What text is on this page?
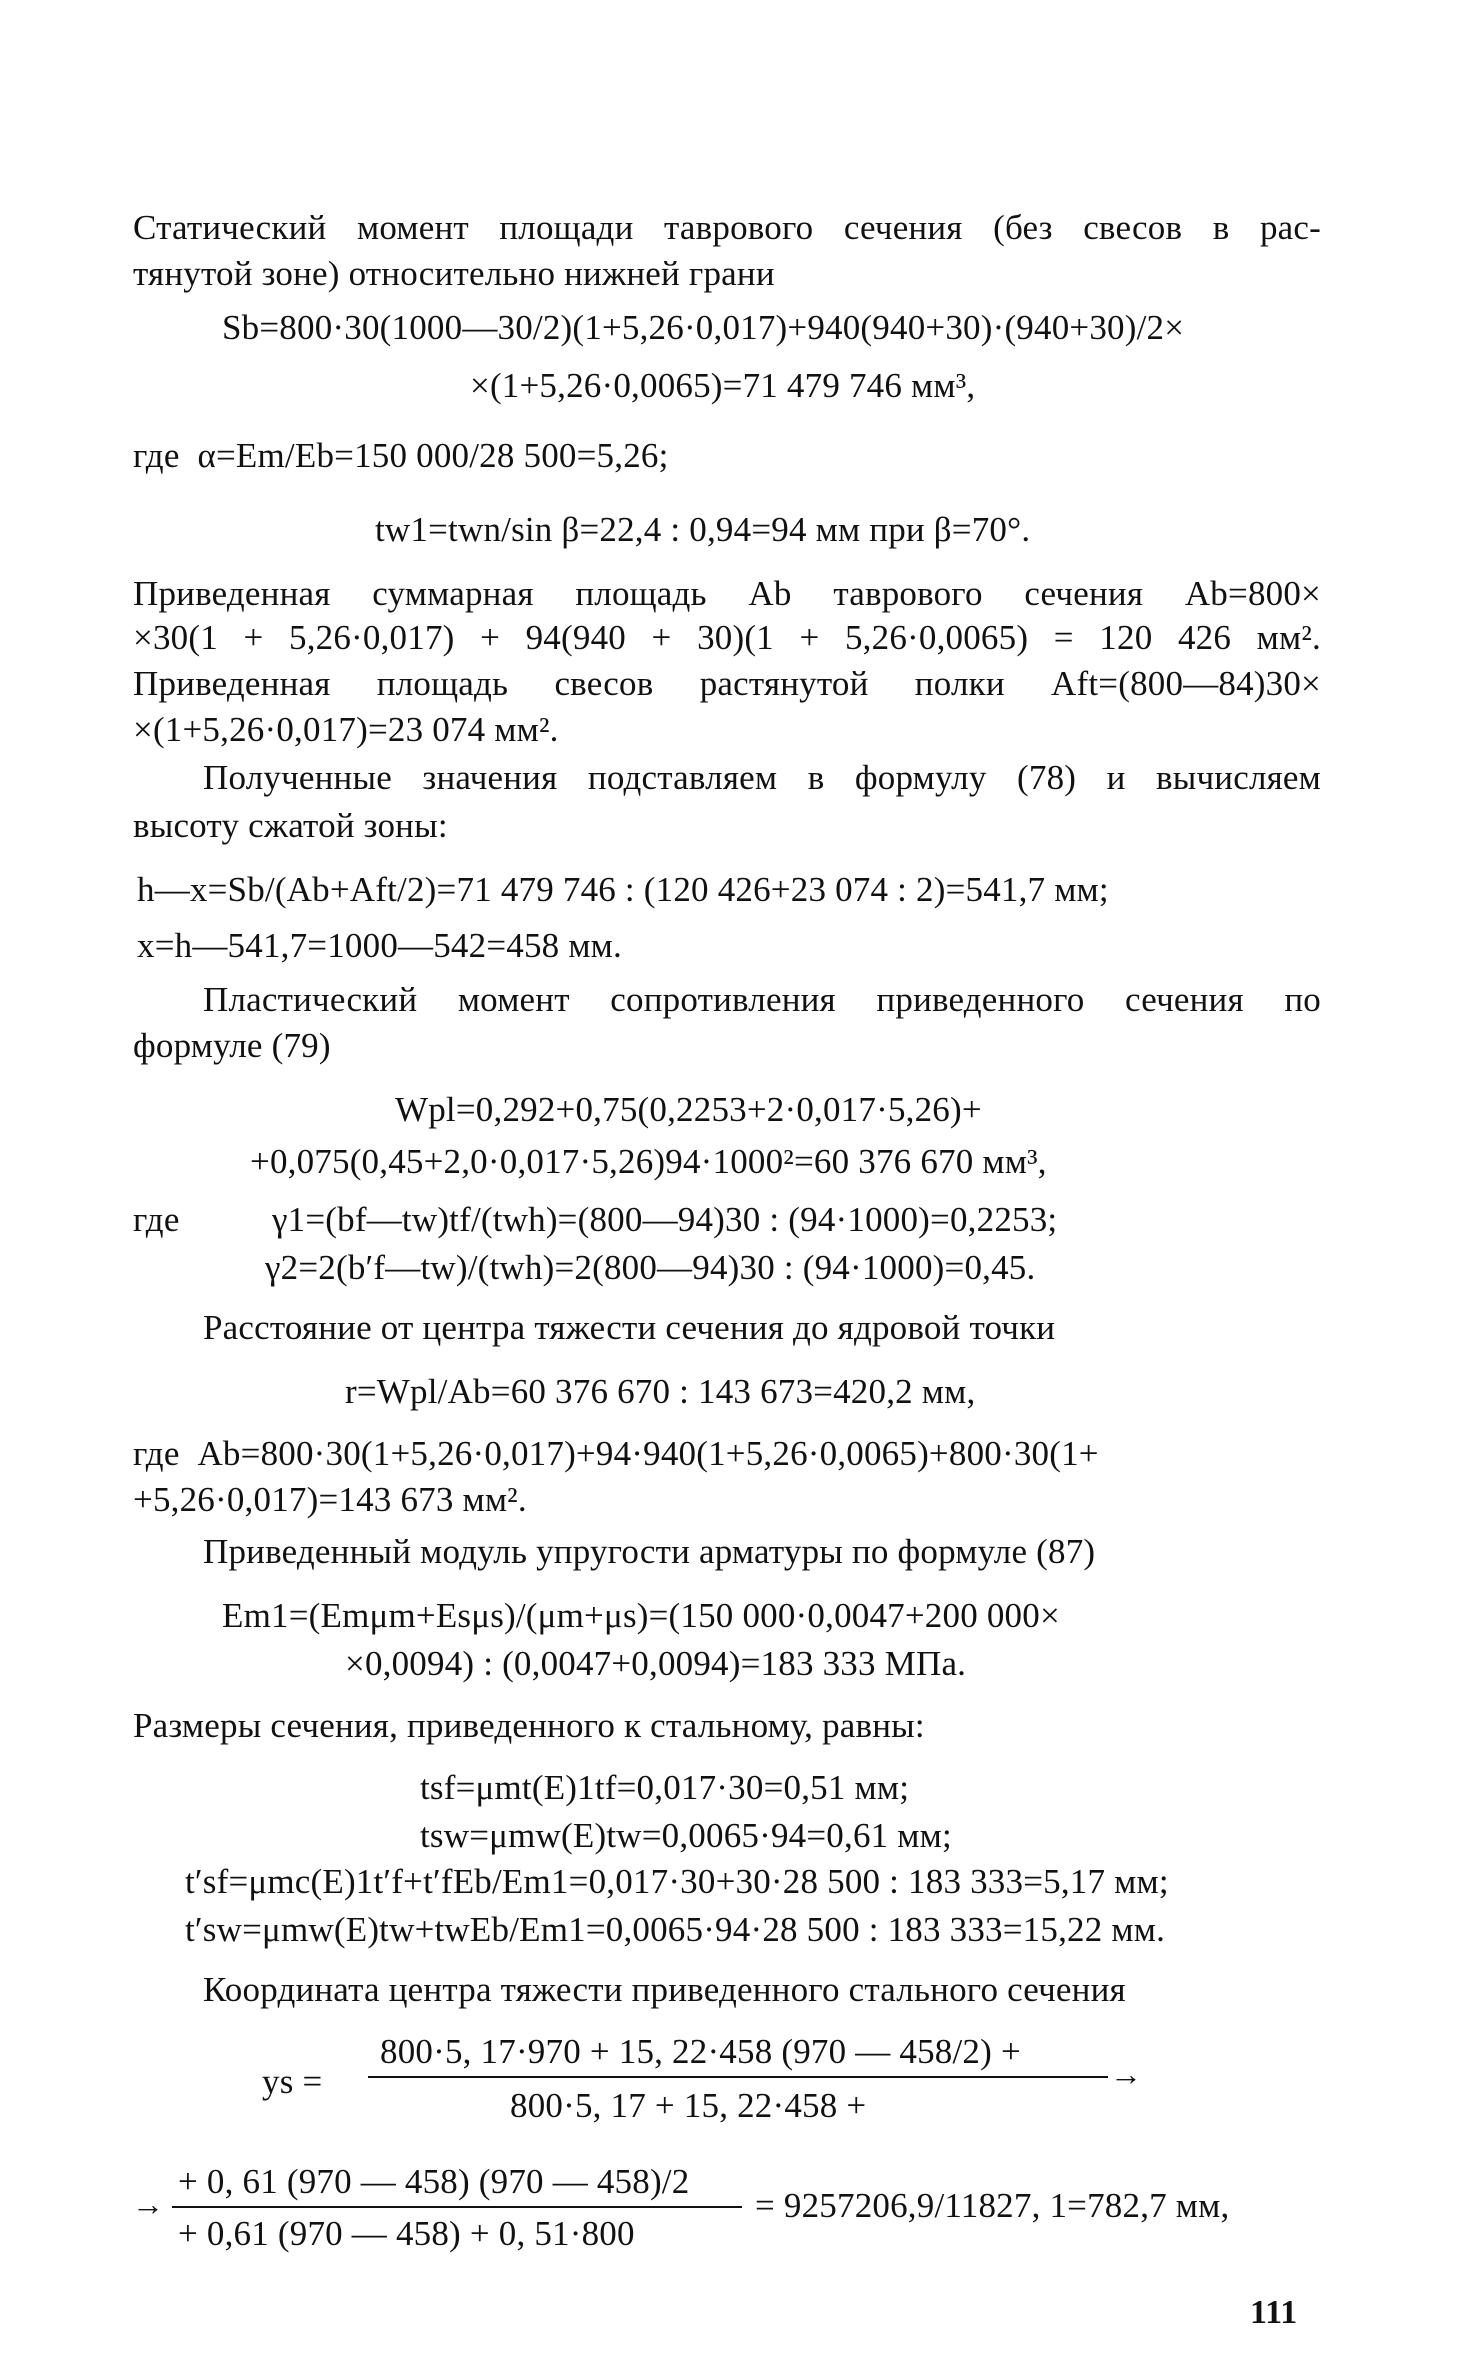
Статический момент площади таврового сечения (без свесов в рас-
тянутой зоне) относительно нижней грани
Sb=800·30(1000—30/2)(1+5,26·0,017)+940(940+30)·(940+30)/2×
×(1+5,26·0,0065)=71 479 746 мм³,
где  α=Em/Eb=150 000/28 500=5,26;
tw1=twn/sin β=22,4 : 0,94=94 мм при β=70°.
Приведенная суммарная площадь Ab таврового сечения Ab=800×
×30(1 + 5,26·0,017) + 94(940 + 30)(1 + 5,26·0,0065) = 120 426 мм².
Приведенная площадь свесов растянутой полки Aft=(800—84)30×
×(1+5,26·0,017)=23 074 мм².
Полученные значения подставляем в формулу (78) и вычисляем
высоту сжатой зоны:
h—x=Sb/(Ab+Aft/2)=71 479 746 : (120 426+23 074 : 2)=541,7 мм;
x=h—541,7=1000—542=458 мм.
Пластический момент сопротивления приведенного сечения по
формуле (79)
Wpl=0,292+0,75(0,2253+2·0,017·5,26)+
+0,075(0,45+2,0·0,017·5,26)94·1000²=60 376 670 мм³,
где	γ1=(bf—tw)tf/(twh)=(800—94)30 : (94·1000)=0,2253;
γ2=2(b′f—tw)/(twh)=2(800—94)30 : (94·1000)=0,45.
Расстояние от центра тяжести сечения до ядровой точки
r=Wpl/Ab=60 376 670 : 143 673=420,2 мм,
где  Ab=800·30(1+5,26·0,017)+94·940(1+5,26·0,0065)+800·30(1+
+5,26·0,017)=143 673 мм².
Приведенный модуль упругости арматуры по формуле (87)
Em1=(Emμm+Esμs)/(μm+μs)=(150 000·0,0047+200 000×
×0,0094) : (0,0047+0,0094)=183 333 МПа.
Размеры сечения, приведенного к стальному, равны:
tsf=μmt(E)1tf=0,017·30=0,51 мм;
tsw=μmw(E)tw=0,0065·94=0,61 мм;
t′sf=μmc(E)1t′f+t′fEb/Em1=0,017·30+30·28 500 : 183 333=5,17 мм;
t′sw=μmw(E)tw+twEb/Em1=0,0065·94·28 500 : 183 333=15,22 мм.
Координата центра тяжести приведенного стального сечения
ys =
800·5, 17·970 + 15, 22·458 (970 — 458/2) +
→
800·5, 17 + 15, 22·458 +
→
+ 0, 61 (970 — 458) (970 — 458)/2
+ 0,61 (970 — 458) + 0, 51·800
= 9257206,9/11827, 1=782,7 мм,
111
